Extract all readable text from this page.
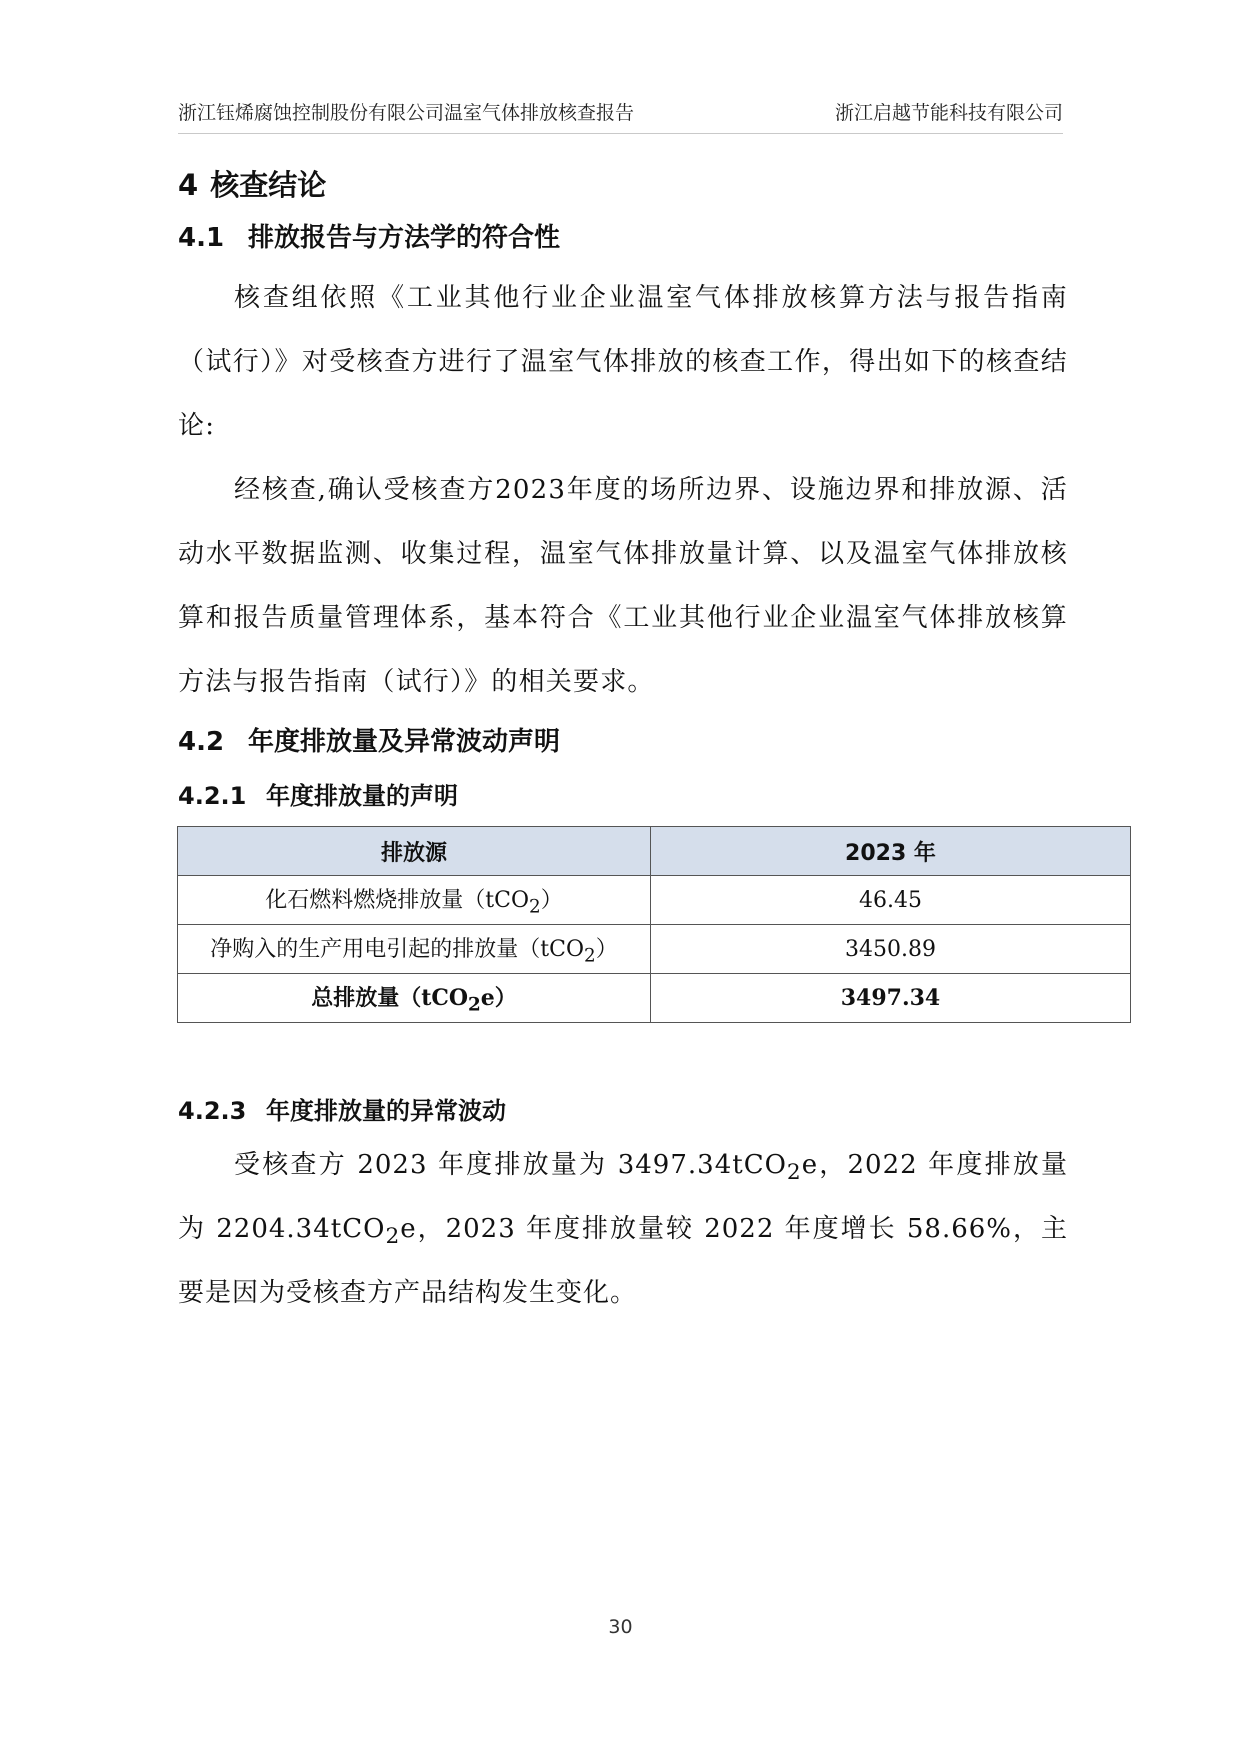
浙江钰烯腐蚀控制股份有限公司温室气体排放核查报告	浙江启越节能科技有限公司
4 核查结论
4.1 排放报告与方法学的符合性

核查组依照《工业其他行业企业温室气体排放核算方法与报告指南（试行）》对受核查方进行了温室气体排放的核查工作，得出如下的核查结论:

经核查,确认受核查方2023年度的场所边界、设施边界和排放源、活动水平数据监测、收集过程，温室气体排放量计算、以及温室气体排放核算和报告质量管理体系，基本符合《工业其他行业企业温室气体排放核算方法与报告指南（试行）》的相关要求。

4.2 年度排放量及异常波动声明
4.2.1 年度排放量的声明
排放源	2023 年
化石燃料燃烧排放量（tCO$_2$）	46.45
净购入的生产用电引起的排放量（tCO$_2$）	3450.89
总排放量（tCO$_2$e）	3497.34
4.2.3 年度排放量的异常波动

受核查方 2023 年度排放量为 3497.34tCO$_2$e，2022 年度排放量为 2204.34tCO$_2$e，2023 年度排放量较 2022 年度增长 58.66%，主要是因为受核查方产品结构发生变化。

30
